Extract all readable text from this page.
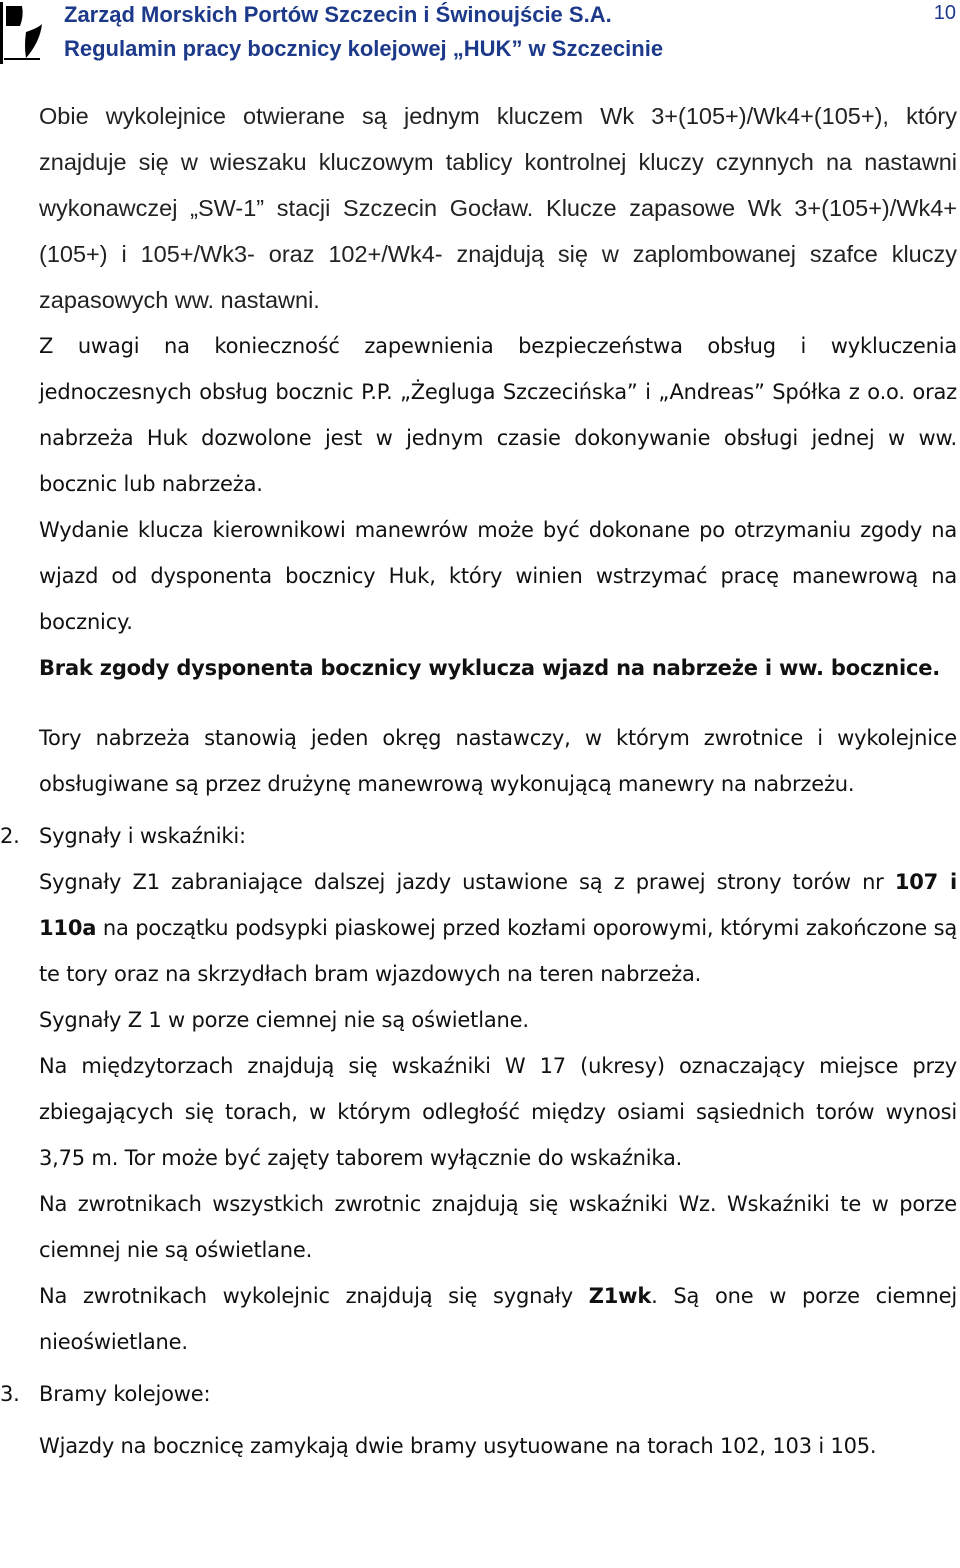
Zarząd Morskich Portów Szczecin i Świnoujście S.A.
Regulamin pracy bocznicy kolejowej „HUK” w Szczecinie
10

Obie wykolejnice otwierane są jednym kluczem Wk 3+(105+)/Wk4+(105+), który znajduje się w wieszaku kluczowym tablicy kontrolnej kluczy czynnych na nastawni wykonawczej „SW-1” stacji Szczecin Gocław. Klucze zapasowe Wk 3+(105+)/Wk4+(105+) i 105+/Wk3- oraz 102+/Wk4- znajdują się w zaplombowanej szafce kluczy zapasowych ww. nastawni.

Z uwagi na konieczność zapewnienia bezpieczeństwa obsług i wykluczenia jednoczesnych obsług bocznic P.P. „Żegluga Szczecińska” i „Andreas” Spółka z o.o. oraz nabrzeża Huk dozwolone jest w jednym czasie dokonywanie obsługi jednej w ww. bocznic lub nabrzeża.

Wydanie klucza kierownikowi manewrów może być dokonane po otrzymaniu zgody na wjazd od dysponenta bocznicy Huk, który winien wstrzymać pracę manewrową na bocznicy.

Brak zgody dysponenta bocznicy wyklucza wjazd na nabrzeże i ww. bocznice.

Tory nabrzeża stanowią jeden okręg nastawczy, w którym zwrotnice i wykolejnice obsługiwane są przez drużynę manewrową wykonującą manewry na nabrzeżu.

2. Sygnały i wskaźniki:

Sygnały Z1 zabraniające dalszej jazdy ustawione są z prawej strony torów nr 107 i 110a na początku podsypki piaskowej przed kozłami oporowymi, którymi zakończone są te tory oraz na skrzydłach bram wjazdowych na teren nabrzeża.

Sygnały Z 1 w porze ciemnej nie są oświetlane.

Na międzytorzach znajdują się wskaźniki W 17 (ukresy) oznaczający miejsce przy zbiegających się torach, w którym odległość między osiami sąsiednich torów wynosi 3,75 m. Tor może być zajęty taborem wyłącznie do wskaźnika.

Na zwrotnikach wszystkich zwrotnic znajdują się wskaźniki Wz. Wskaźniki te w porze ciemnej nie są oświetlane.

Na zwrotnikach wykolejnic znajdują się sygnały Z1wk. Są one w porze ciemnej nieoświetlane.

3. Bramy kolejowe:

Wjazdy na bocznicę zamykają dwie bramy usytuowane na torach 102, 103 i 105.
